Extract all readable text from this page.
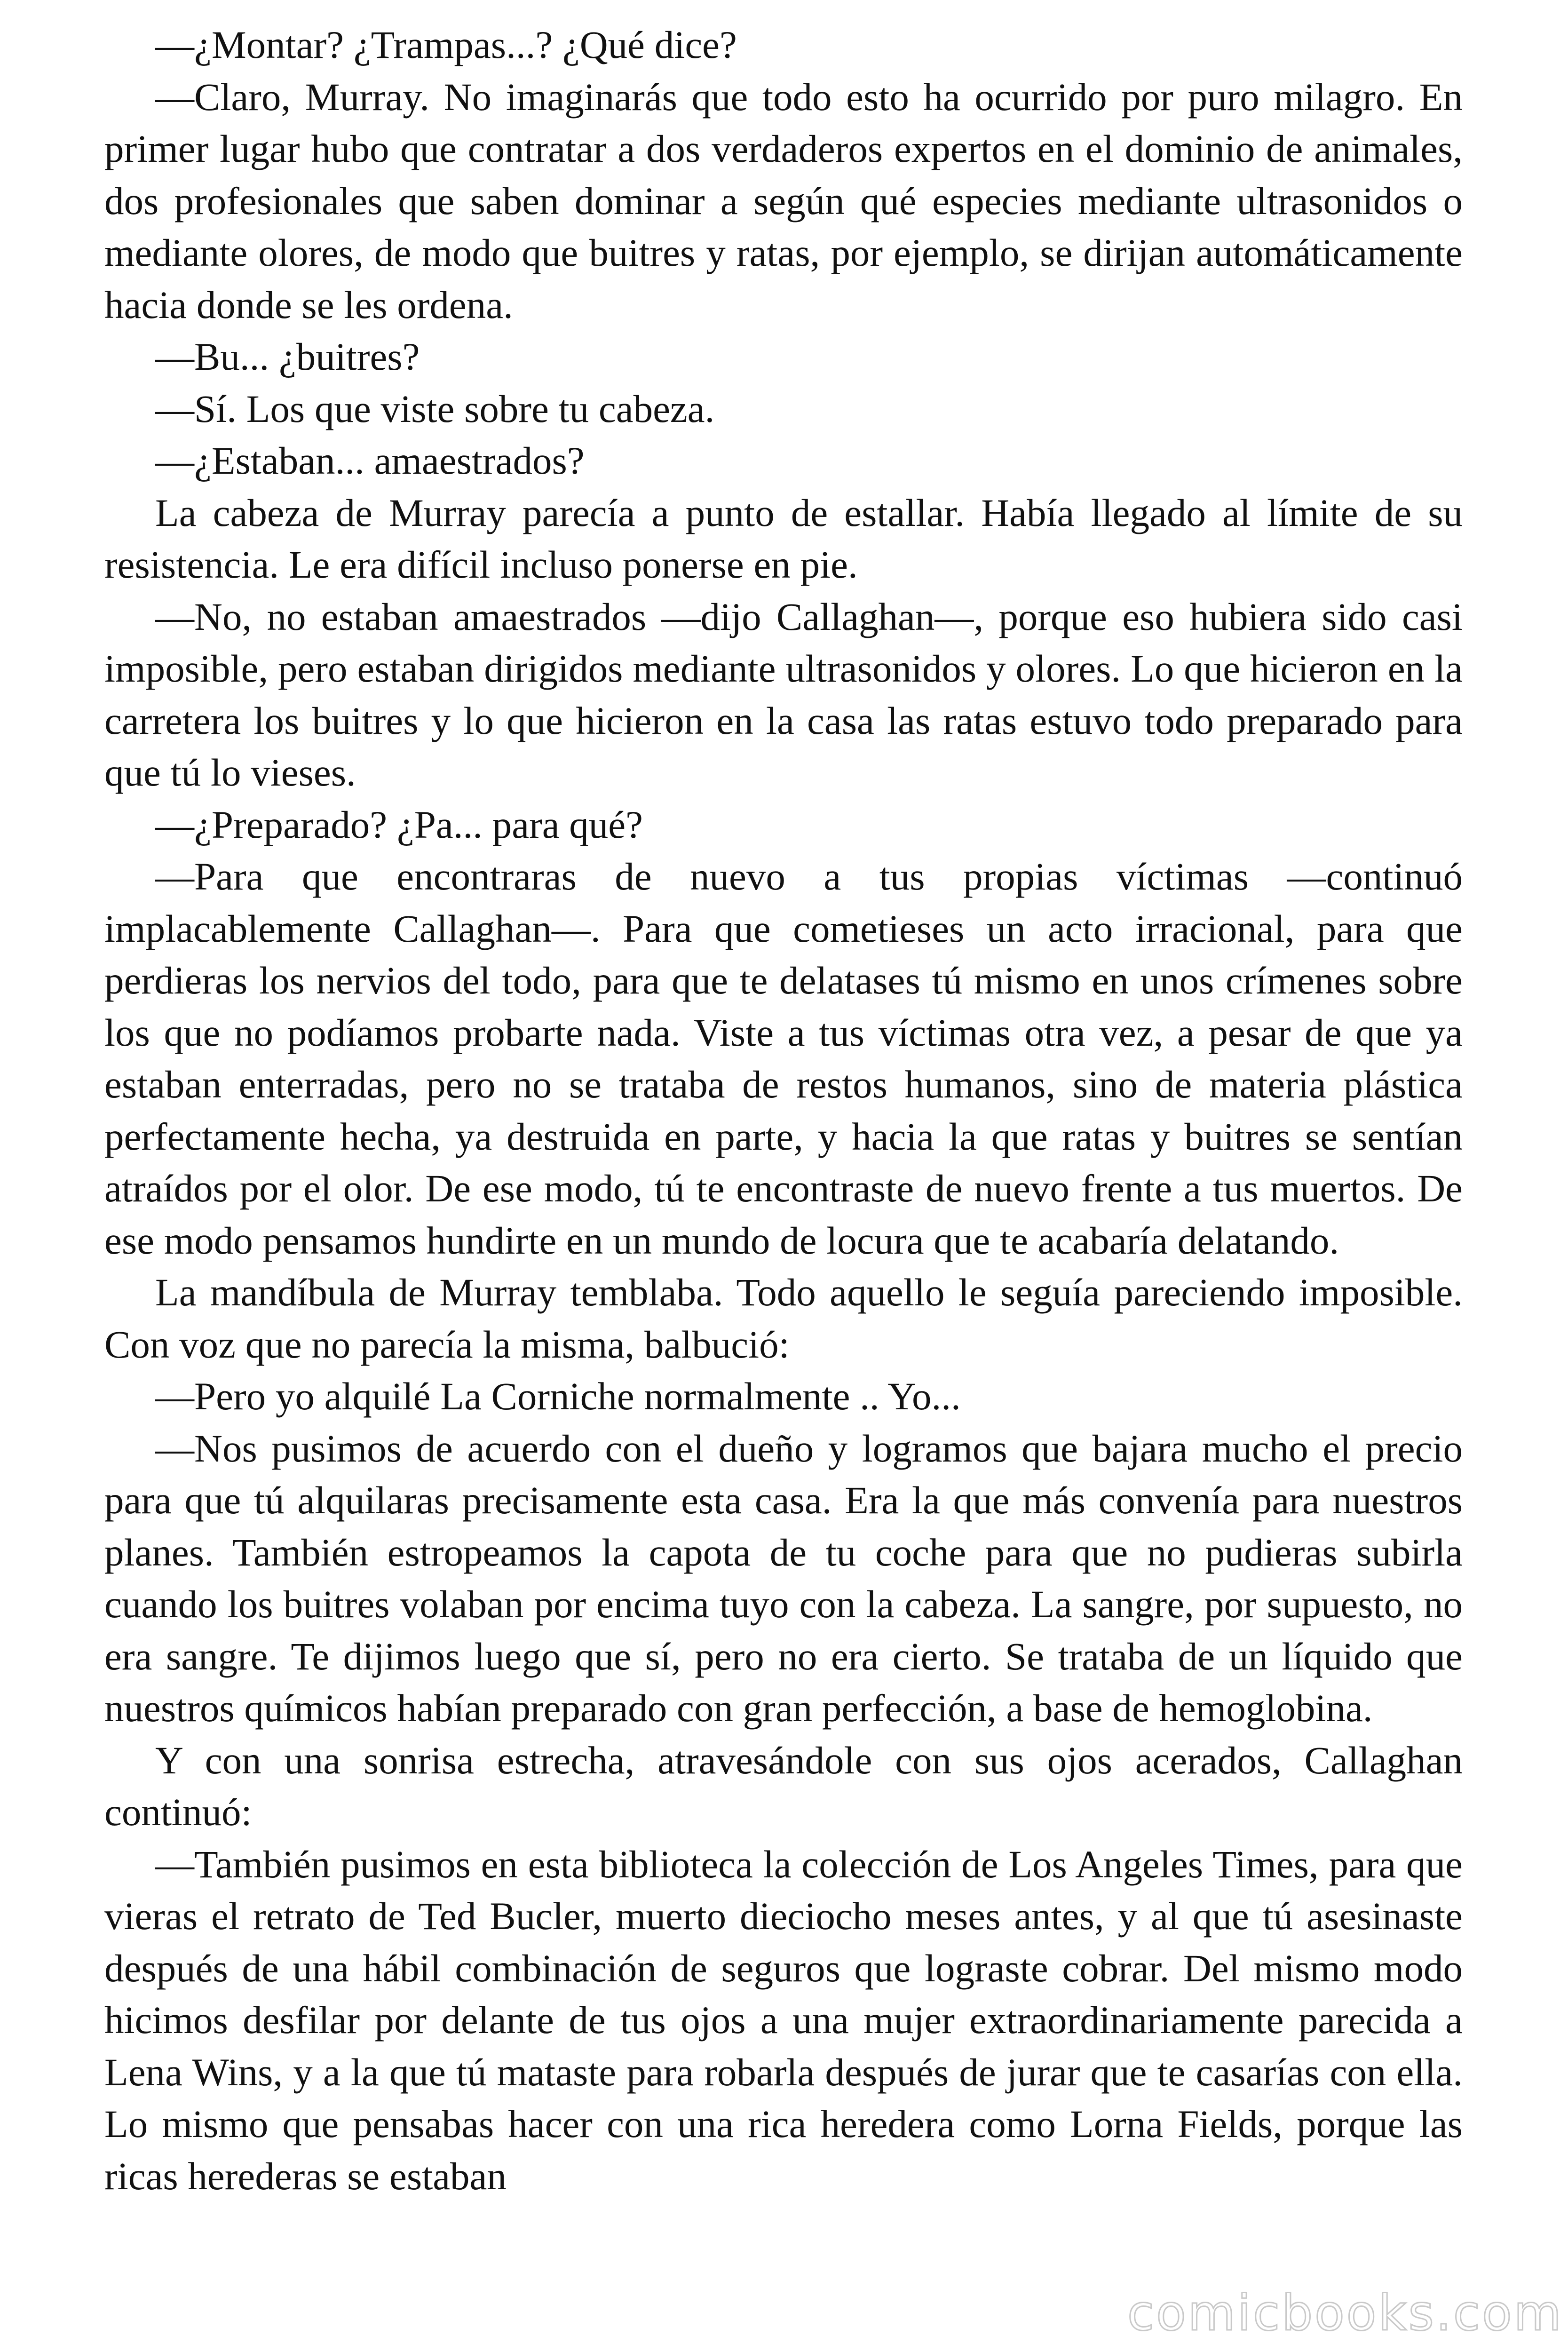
—¿Montar? ¿Trampas...? ¿Qué dice?

—Claro, Murray. No imaginarás que todo esto ha ocurrido por puro milagro. En primer lugar hubo que contratar a dos verdaderos expertos en el dominio de animales, dos profesionales que saben dominar a según qué especies mediante ultrasonidos o mediante olores, de modo que buitres y ratas, por ejemplo, se dirijan automáticamente hacia donde se les ordena.

—Bu... ¿buitres?

—Sí. Los que viste sobre tu cabeza.

—¿Estaban... amaestrados?

La cabeza de Murray parecía a punto de estallar. Había llegado al límite de su resistencia. Le era difícil incluso ponerse en pie.

—No, no estaban amaestrados —dijo Callaghan—, porque eso hubiera sido casi imposible, pero estaban dirigidos mediante ultrasonidos y olores. Lo que hicieron en la carretera los buitres y lo que hicieron en la casa las ratas estuvo todo preparado para que tú lo vieses.

—¿Preparado? ¿Pa... para qué?

—Para que encontraras de nuevo a tus propias víctimas —continuó implacablemente Callaghan—. Para que cometieses un acto irracional, para que perdieras los nervios del todo, para que te delatases tú mismo en unos crímenes sobre los que no podíamos probarte nada. Viste a tus víctimas otra vez, a pesar de que ya estaban enterradas, pero no se trataba de restos humanos, sino de materia plástica perfectamente hecha, ya destruida en parte, y hacia la que ratas y buitres se sentían atraídos por el olor. De ese modo, tú te encontraste de nuevo frente a tus muertos. De ese modo pensamos hundirte en un mundo de locura que te acabaría delatando.

La mandíbula de Murray temblaba. Todo aquello le seguía pareciendo imposible. Con voz que no parecía la misma, balbució:

—Pero yo alquilé La Corniche normalmente .. Yo...

—Nos pusimos de acuerdo con el dueño y logramos que bajara mucho el precio para que tú alquilaras precisamente esta casa. Era la que más convenía para nuestros planes. También estropeamos la capota de tu coche para que no pudieras subirla cuando los buitres volaban por encima tuyo con la cabeza. La sangre, por supuesto, no era sangre. Te dijimos luego que sí, pero no era cierto. Se trataba de un líquido que nuestros químicos habían preparado con gran perfección, a base de hemoglobina.

Y con una sonrisa estrecha, atravesándole con sus ojos acerados, Callaghan continuó:

—También pusimos en esta biblioteca la colección de Los Angeles Times, para que vieras el retrato de Ted Bucler, muerto dieciocho meses antes, y al que tú asesinaste después de una hábil combinación de seguros que lograste cobrar. Del mismo modo hicimos desfilar por delante de tus ojos a una mujer extraordinariamente parecida a Lena Wins, y a la que tú mataste para robarla después de jurar que te casarías con ella. Lo mismo que pensabas hacer con una rica heredera como Lorna Fields, porque las ricas herederas se estaban

comicbooks.com
